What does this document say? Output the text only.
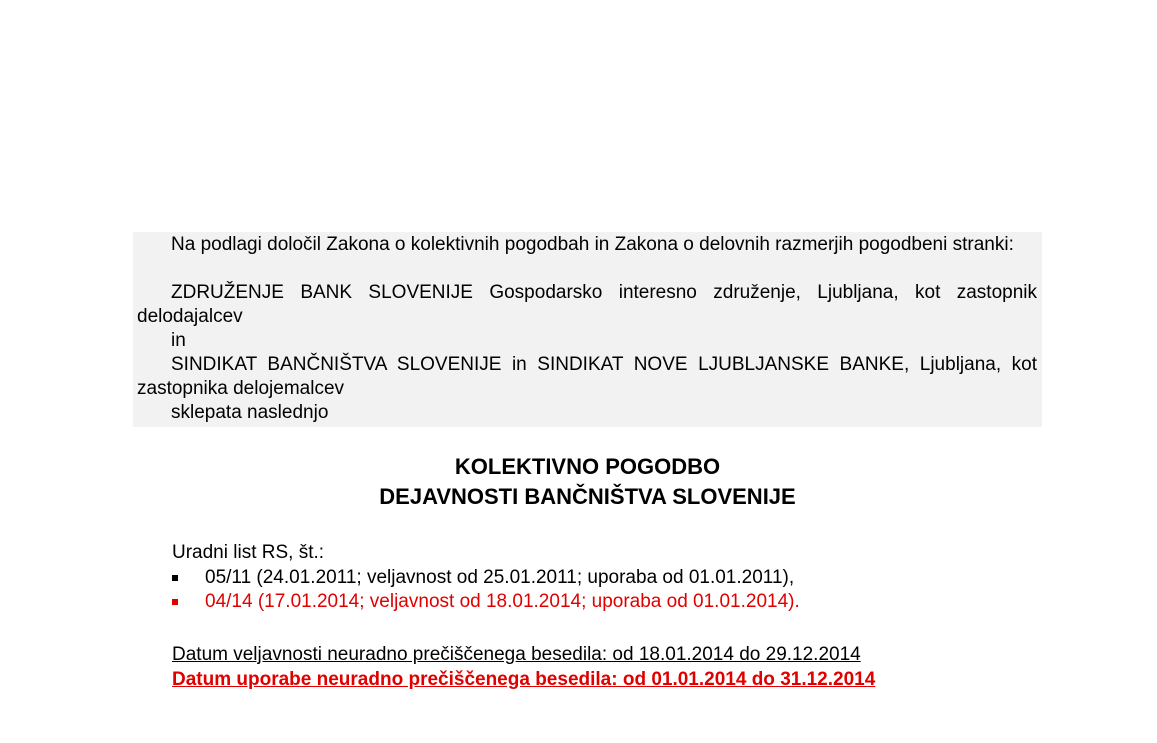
Na podlagi določil Zakona o kolektivnih pogodbah in Zakona o delovnih razmerjih pogodbeni stranki:

ZDRUŽENJE BANK SLOVENIJE Gospodarsko interesno združenje, Ljubljana, kot zastopnik delodajalcev

in

SINDIKAT BANČNIŠTVA SLOVENIJE in SINDIKAT NOVE LJUBLJANSKE BANKE, Ljubljana, kot zastopnika delojemalcev

sklepata naslednjo

KOLEKTIVNO POGODBO
DEJAVNOSTI BANČNIŠTVA SLOVENIJE
Uradni list RS, št.:
05/11 (24.01.2011; veljavnost od 25.01.2011; uporaba od 01.01.2011),
04/14 (17.01.2014; veljavnost od 18.01.2014; uporaba od 01.01.2014).
Datum veljavnosti neuradno prečiščenega besedila: od 18.01.2014 do 29.12.2014
Datum uporabe neuradno prečiščenega besedila: od 01.01.2014 do 31.12.2014
